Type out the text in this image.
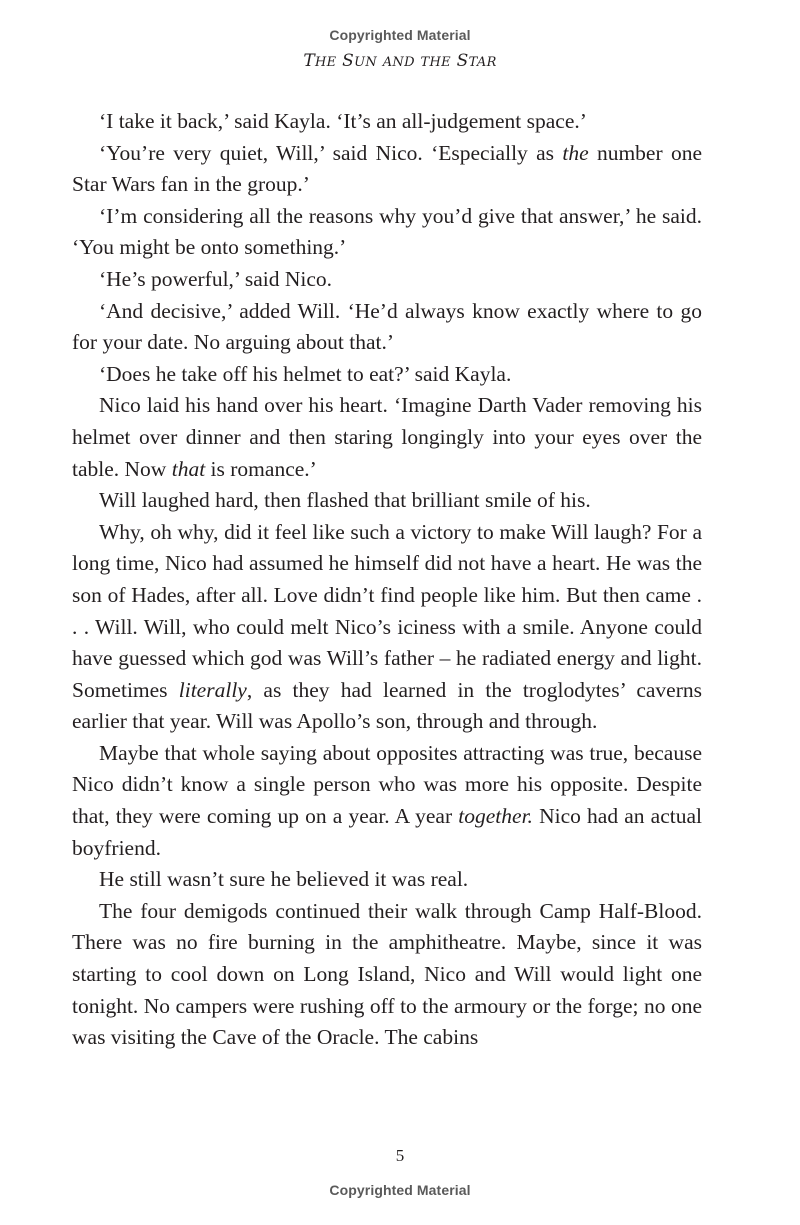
Copyrighted Material
THE SUN AND THE STAR

‘I take it back,’ said Kayla. ‘It’s an all-judgement space.’

‘You’re very quiet, Will,’ said Nico. ‘Especially as the number one Star Wars fan in the group.’

‘I’m considering all the reasons why you’d give that answer,’ he said. ‘You might be onto something.’

‘He’s powerful,’ said Nico.

‘And decisive,’ added Will. ‘He’d always know exactly where to go for your date. No arguing about that.’

‘Does he take off his helmet to eat?’ said Kayla.

Nico laid his hand over his heart. ‘Imagine Darth Vader removing his helmet over dinner and then staring longingly into your eyes over the table. Now that is romance.’

Will laughed hard, then flashed that brilliant smile of his.

Why, oh why, did it feel like such a victory to make Will laugh? For a long time, Nico had assumed he himself did not have a heart. He was the son of Hades, after all. Love didn’t find people like him. But then came . . . Will. Will, who could melt Nico’s iciness with a smile. Anyone could have guessed which god was Will’s father – he radiated energy and light. Sometimes literally, as they had learned in the troglodytes’ caverns earlier that year. Will was Apollo’s son, through and through.

Maybe that whole saying about opposites attracting was true, because Nico didn’t know a single person who was more his opposite. Despite that, they were coming up on a year. A year together. Nico had an actual boyfriend.

He still wasn’t sure he believed it was real.

The four demigods continued their walk through Camp Half-Blood. There was no fire burning in the amphitheatre. Maybe, since it was starting to cool down on Long Island, Nico and Will would light one tonight. No campers were rushing off to the armoury or the forge; no one was visiting the Cave of the Oracle. The cabins

5
Copyrighted Material
